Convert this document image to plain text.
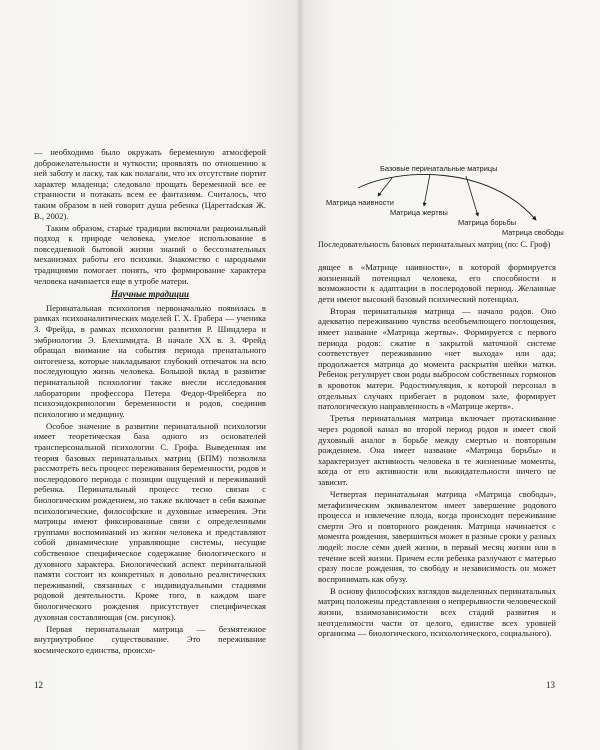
— необходимо было окружать беременную атмосферой доброжелательности и чуткости; проявлять по отношению к ней заботу и ласку, так как полагали, что их отсутствие портит характер младенца; следовало прощать беременной все ее странности и потакать всем ее фантазиям. Считалось, что таким образом в ней говорит душа ребенка (Царегradская Ж. В., 2002).

Таким образом, старые традиции включали рациональный подход к природе человека, умелое использование в повседневной бытовой жизни знаний о бессознательных механизмах работы его психики. Знакомство с народными традициями помогает понять, что формирование характера человека начинается еще в утробе матери.

Научные традиции

Перинатальная психология первоначально появилась в рамках психоаналитических моделей Г. Х. Грабера — ученика З. Фрейда, в рамках психологии развития Р. Шиндлера и эмбриологии Э. Блехшмидта. В начале XX в. З. Фрейд обращал внимание на события периода пренатального онтогенеза, которые накладывают глубокий отпечаток на всю последующую жизнь человека. Большой вклад в развитие перинатальной психологии также внесли исследования лаборатории профессора Петера Федор-Фрейберга по психоэндокринологии беременности и родов, соединив психологию и медицину.

Особое значение в развитии перинатальной психологии имеет теоретическая база одного из основателей трансперсональной психологии С. Грофа. Выведенная им теория базовых перинатальных матриц (БПМ) позволила рассмотреть весь процесс переживания беременности, родов и послеродового периода с позиции ощущений и переживаний ребенка. Перинатальный процесс тесно связан с биологическим рождением, но также включает в себя важные психологические, философские и духовные измерения. Эти матрицы имеют фиксированные связи с определенными группами воспоминаний из жизни человека и представляют собой динамические управляющие системы, несущие собственное специфическое содержание биологического и духовного характера. Биологический аспект перинатальной памяти состоит из конкретных и довольно реалистических переживаний, связанных с индивидуальными стадиями родовой деятельности. Кроме того, в каждом шаге биологического рождения присутствует специфическая духовная составляющая (см. рисунок).

Первая перинатальная матрица — безмятежное внутриутробное существование. Это переживание космического единства, происхо-

12
Базовые перинатальные матрицы
Матрица наивности
Матрица жертвы
Матрица борьбы
Матрица свободы
Последовательность базовых перинатальных матриц (по: С. Гроф)

дящее в «Матрице наивности», в которой формируется жизненный потенциал человека, его способности и возможности к адаптации в послеродовой период. Желанные дети имеют высокий базовый психический потенциал.

Вторая перинатальная матрица — начало родов. Оно адекватно переживанию чувства всеобъемлющего поглощения, имеет название «Матрица жертвы». Формируется с первого периода родов: сжатие в закрытой маточной системе соответствует переживанию «нет выхода» или ада; продолжается матрица до момента раскрытия шейки матки. Ребенок регулирует свои роды выбросом собственных гормонов в кровоток матери. Родостимуляция, к которой персонал в отдельных случаях прибегает в родовом зале, формирует патологическую направленность в «Матрице жертв».

Третья перинатальная матрица включает протаскивание через родовой канал во второй период родов и имеет свой духовный аналог в борьбе между смертью и повторным рождением. Она имеет название «Матрица борьбы» и характеризует активность человека в те жизненные моменты, когда от его активности или выжидательности ничего не зависит.

Четвертая перинатальная матрица «Матрица свободы», метафизическим эквивалентом имеет завершение родового процесса и извлечение плода, когда происходит переживание смерти Эго и повторного рождения. Матрица начинается с момента рождения, завершиться может в разные сроки у разных людей: после семи дней жизни, в первый месяц жизни или в течение всей жизни. Причем если ребенка разлучают с матерью сразу после рождения, то свободу и независимость он может воспринимать как обузу.

В основу философских взглядов выделенных перинатальных матриц положены представления о непрерывности человеческой жизни, взаимозависимости всех стадий развития и неотделимости части от целого, единстве всех уровней организма — биологического, психологического, социального).

13
